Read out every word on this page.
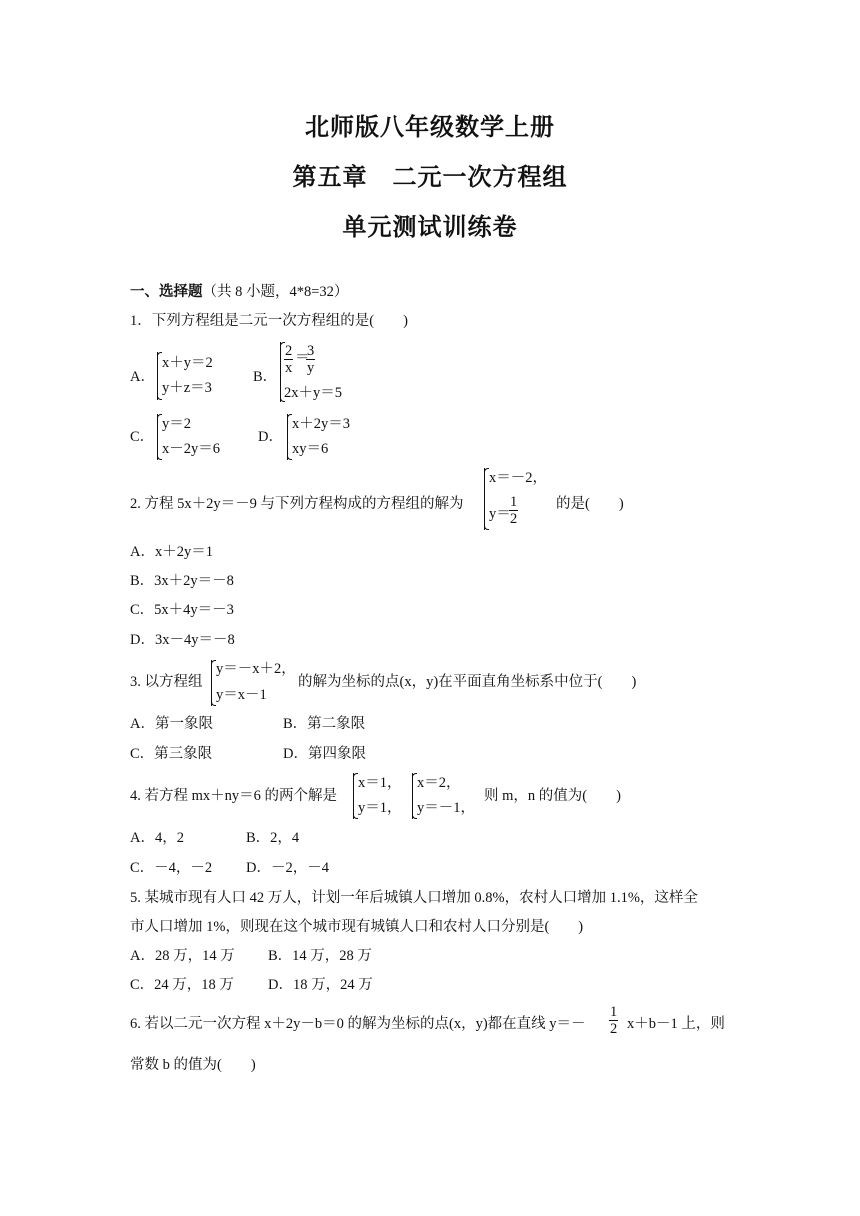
北师版八年级数学上册
第五章　二元一次方程组
单元测试训练卷
一、选择题（共 8 小题，4*8=32）
1．下列方程组是二元一次方程组的是(　　)
A．
x＋y＝2
y＋z＝3
B．
$\frac{2}{x}$ ＝
$\frac{3}{y}$
2x＋y＝5
C．
y＝2
x－2y＝6
D．
x＋2y＝3
xy＝6
2. 方程 5x＋2y＝－9 与下列方程构成的方程组的解为
x＝－2，
y＝
$\frac{1}{2}$	的是(　　)
A．x＋2y＝1
B．3x＋2y＝－8
C．5x＋4y＝－3
D．3x－4y＝－8
3. 以方程组
y＝－x＋2，
y＝x－1
的解为坐标的点(x，y)在平面直角坐标系中位于(　　)
A．第一象限	B．第二象限
C．第三象限	D．第四象限
4. 若方程 mx＋ny＝6 的两个解是
x＝1，
y＝1，
x＝2，
y＝－1，
则 m，n 的值为(　　)
A．4，2	B．2，4
C．－4，－2 D．－2，－4
5. 某城市现有人口 42 万人，计划一年后城镇人口增加 0.8%，农村人口增加 1.1%，这样全
市人口增加 1%，则现在这个城市现有城镇人口和农村人口分别是(　　)
A．28 万，14 万 B．14 万，28 万
C．24 万，18 万 D．18 万，24 万
6. 若以二元一次方程 x＋2y－b＝0 的解为坐标的点(x，y)都在直线 $y=- \frac{1}{2} x+b-1$ 上，则
常数 b 的值为(　　)
